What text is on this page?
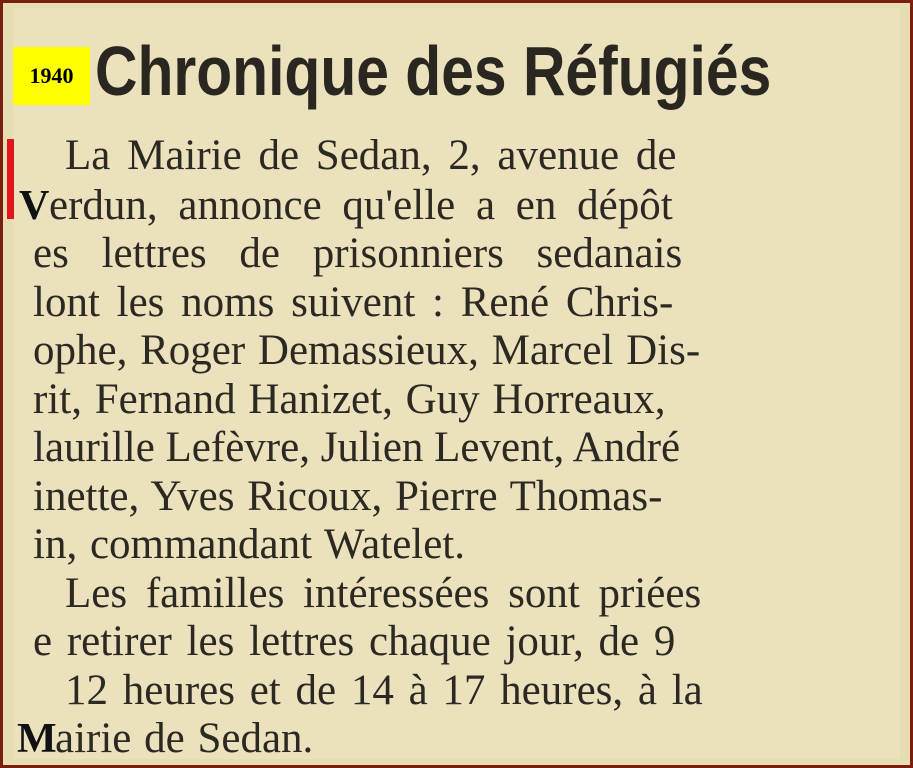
1940 Chronique des Réfugiés

La Mairie de Sedan, 2, avenue de

V erdun, annonce qu'elle a en dépôt

es lettres de prisonniers sedanais

lont les noms suivent : René Chris-

ophe, Roger Demassieux, Marcel Dis-

rit, Fernand Hanizet, Guy Horreaux,

laurille Lefèvre, Julien Levent, André

inette, Yves Ricoux, Pierre Thomas-

in, commandant Watelet.

Les familles intéressées sont priées

e retirer les lettres chaque jour, de 9

12 heures et de 14 à 17 heures, à la

M

airie de Sedan.
